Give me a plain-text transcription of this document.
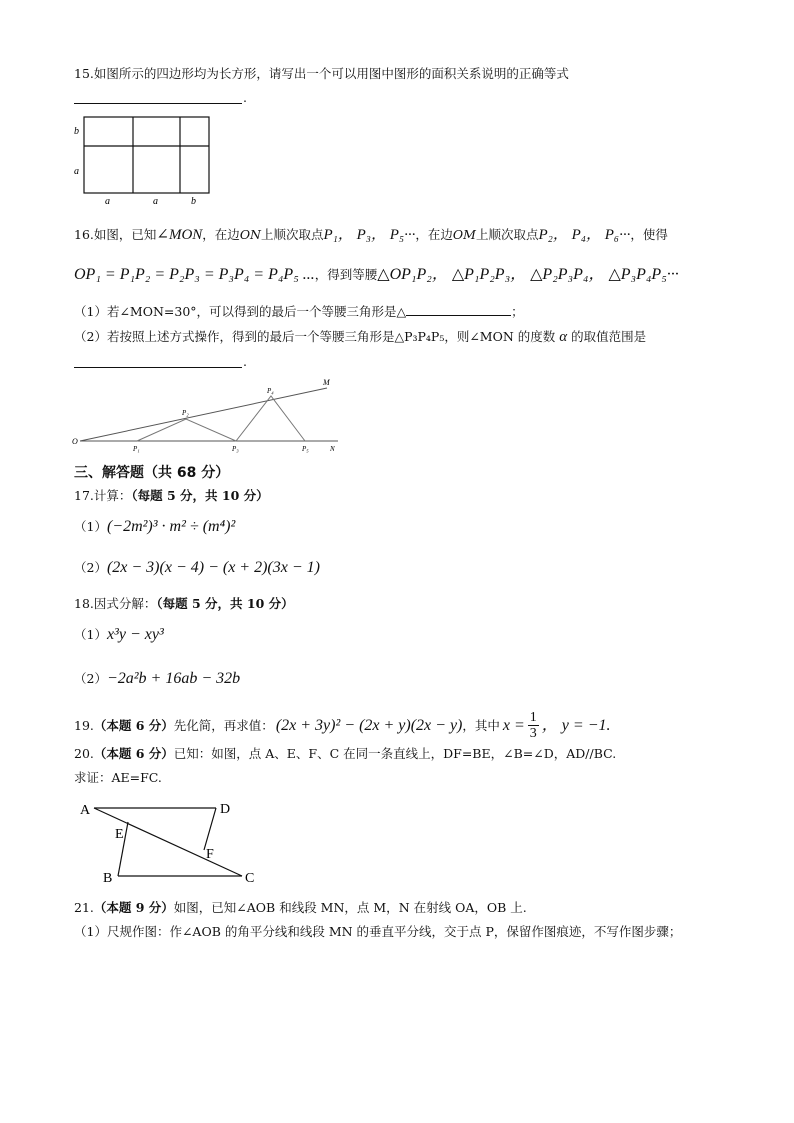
15.如图所示的四边形均为长方形，请写出一个可以用图中图形的面积关系说明的正确等式
.
b
a
a	a	b
16.如图，已知∠MON，在边ON上顺次取点P₁， P₃， P₅···，在边OM上顺次取点P₂， P₄， P₆···，使得
OP₁ = P₁P₂ = P₂P₃ = P₃P₄ = P₄P₅ ...，得到等腰△OP₁P₂， △P₁P₂P₃， △P₂P₃P₄， △P₃P₄P₅···
（1）若∠MON=30°，可以得到的最后一个等腰三角形是△	；
（2）若按照上述方式操作，得到的最后一个等腰三角形是△P₃P₄P₅，则∠MON 的度数 α 的取值范围是
.
O
M
N
P₁
P₂
P₃
P₄
P₅
三、解答题（共 68 分）
17.计算：（每题 5 分，共 10 分）
（1）(−2m²)³ · m² ÷ (m⁴)²
（2）(2x − 3)(x − 4) − (x + 2)(3x − 1)
18.因式分解：（每题 5 分，共 10 分）
（1）x³y − xy³
（2）−2a²b + 16ab − 32b
19. （本题 6 分） 先化简，再求值： (2x + 3y)² − (2x + y)(2x − y) ，其中 $x = \frac{1}{3}$ ， y = −1.
20.（本题 6 分）已知：如图，点 A、E、F、C 在同一条直线上，DF=BE，∠B=∠D，AD//BC.
求证：AE=FC.
A	D
E
F
B	C
21.（本题 9 分）如图，已知∠AOB 和线段 MN，点 M，N 在射线 OA，OB 上.
（1）尺规作图：作∠AOB 的角平分线和线段 MN 的垂直平分线，交于点 P，保留作图痕迹，不写作图步骤；
